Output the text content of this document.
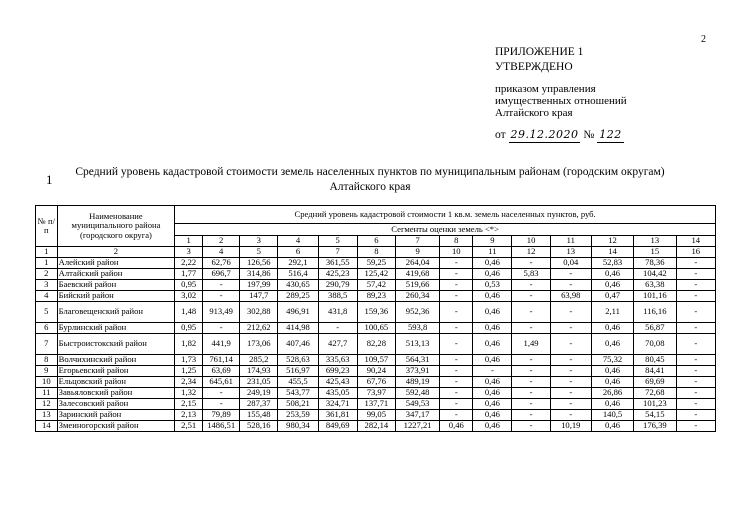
2
ПРИЛОЖЕНИЕ 1
УТВЕРЖДЕНО
приказом управления
имущественных отношений
Алтайского края
от 29.12.2020 № 122
1	Средний уровень кадастровой стоимости земель населенных пунктов по муниципальным районам (городским округам)
Алтайского края
№ п/п	Наименование муниципального района (городского округа)	Средний уровень кадастровой стоимости 1 кв.м. земель населенных пунктов, руб.													
		Сегменты оценки земель <*>													
		1	2	3	4	5	6	7	8	9	10	11	12	13	14
1	2	3	4	5	6	7	8	9	10	11	12	13	14	15	16
1	Алейский район	2,22	62,76	126,56	292,1	361,55	59,25	264,04	-	0,46	-	0,04	52,83	78,36	-
2	Алтайский район	1,77	696,7	314,86	516,4	425,23	125,42	419,68	-	0,46	5,83	-	0,46	104,42	-
3	Баевский район	0,95	-	197,99	430,65	290,79	57,42	519,66	-	0,53	-	-	0,46	63,38	-
4	Бийский район	3,02	-	147,7	289,25	388,5	89,23	260,34	-	0,46	-	63,98	0,47	101,16	-
5	Благовещенский район	1,48	913,49	302,88	496,91	431,8	159,36	952,36	-	0,46	-	-	2,11	116,16	-
6	Бурлинский район	0,95	-	212,62	414,98	-	100,65	593,8	-	0,46	-	-	0,46	56,87	-
7	Быстроистокский район	1,82	441,9	173,06	407,46	427,7	82,28	513,13	-	0,46	1,49	-	0,46	70,08	-
8	Волчихинский район	1,73	761,14	285,2	528,63	335,63	109,57	564,31	-	0,46	-	-	75,32	80,45	-
9	Егорьевский район	1,25	63,69	174,93	516,97	699,23	90,24	373,91	-	-	-	-	0,46	84,41	-
10	Ельцовский район	2,34	645,61	231,05	455,5	425,43	67,76	489,19	-	0,46	-	-	0,46	69,69	-
11	Завьяловский район	1,32	-	249,19	543,77	435,05	73,97	592,48	-	0,46	-	-	26,86	72,68	-
12	Залесовский район	2,15	-	287,37	508,21	324,71	137,71	549,53	-	0,46	-	-	0,46	101,23	-
13	Заринский район	2,13	79,89	155,48	253,59	361,81	99,05	347,17	-	0,46	-	-	140,5	54,15	-
14	Змеиногорский район	2,51	1486,51	528,16	980,34	849,69	282,14	1227,21	0,46	0,46	-	10,19	0,46	176,39	-
